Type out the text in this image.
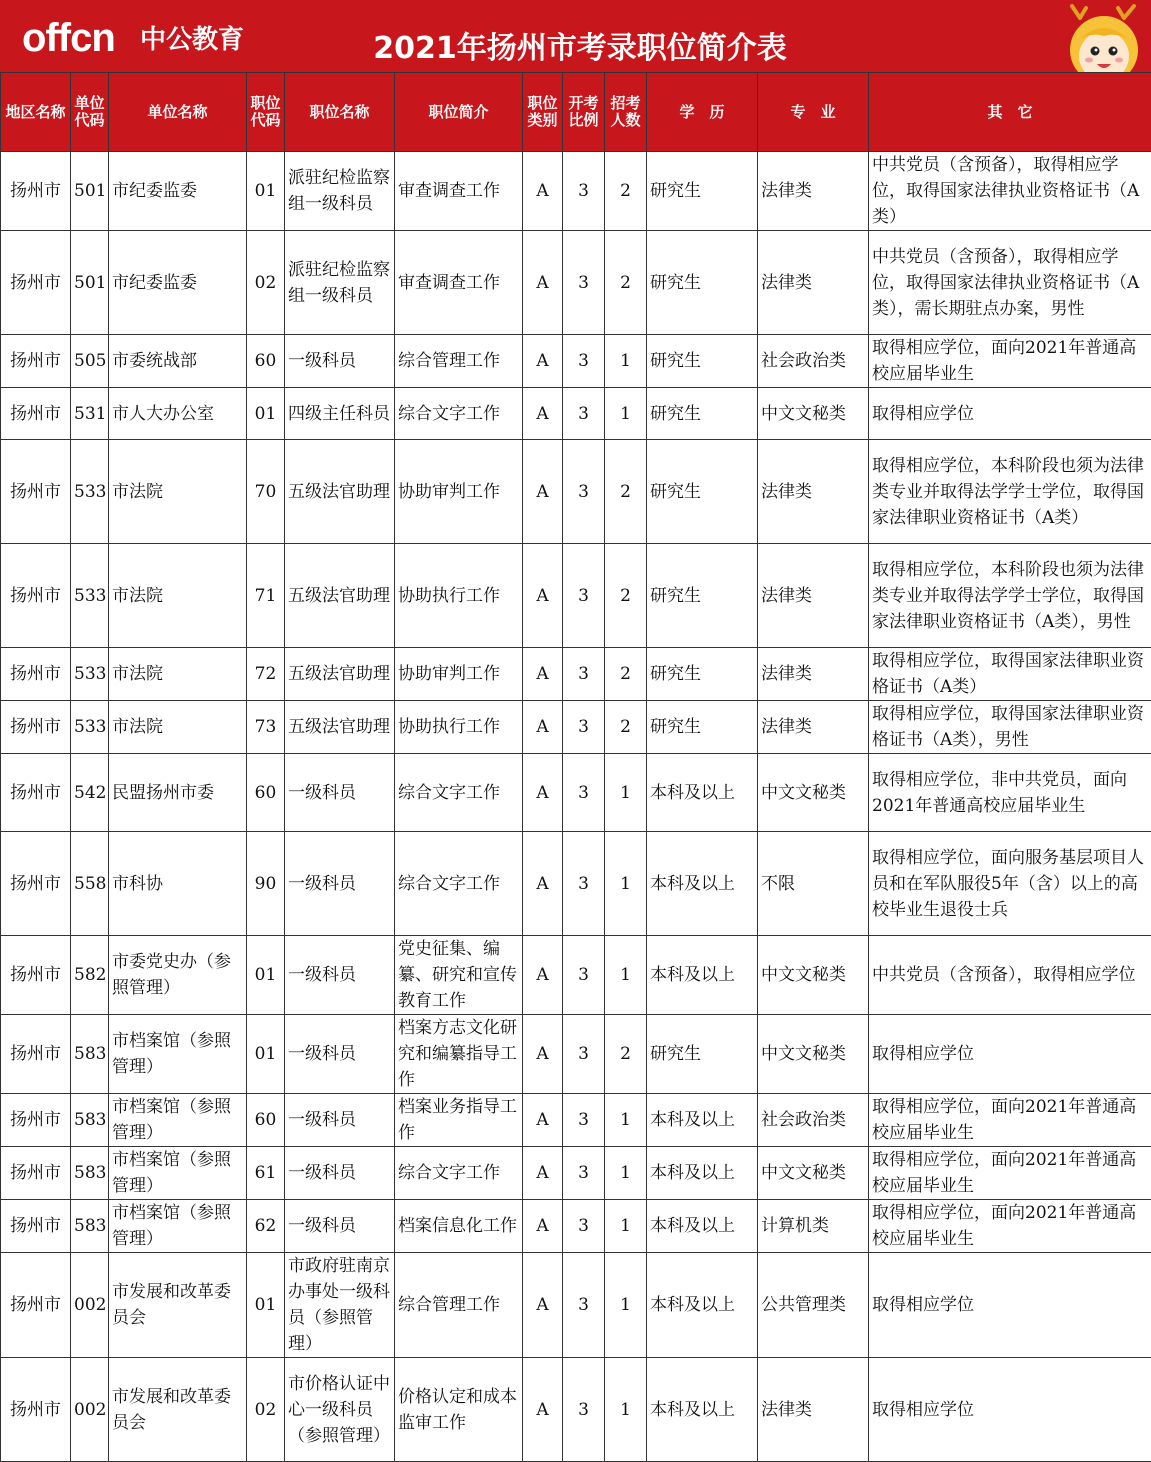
offcn 中公教育	2021年扬州市考录职位简介表
地区名称	单位代码	单位名称	职位代码	职位名称	职位简介	职位类别	开考比例	招考人数	学　历	专　业	其　它
扬州市	501	市纪委监委	01	派驻纪检监察组一级科员	审查调查工作	A	3	2	研究生	法律类	中共党员（含预备），取得相应学位，取得国家法律执业资格证书（A类）
扬州市	501	市纪委监委	02	派驻纪检监察组一级科员	审查调查工作	A	3	2	研究生	法律类	中共党员（含预备），取得相应学位，取得国家法律执业资格证书（A类），需长期驻点办案，男性
扬州市	505	市委统战部	60	一级科员	综合管理工作	A	3	1	研究生	社会政治类	取得相应学位，面向2021年普通高校应届毕业生
扬州市	531	市人大办公室	01	四级主任科员	综合文字工作	A	3	1	研究生	中文文秘类	取得相应学位
扬州市	533	市法院	70	五级法官助理	协助审判工作	A	3	2	研究生	法律类	取得相应学位，本科阶段也须为法律类专业并取得法学学士学位，取得国家法律职业资格证书（A类）
扬州市	533	市法院	71	五级法官助理	协助执行工作	A	3	2	研究生	法律类	取得相应学位，本科阶段也须为法律类专业并取得法学学士学位，取得国家法律职业资格证书（A类），男性
扬州市	533	市法院	72	五级法官助理	协助审判工作	A	3	2	研究生	法律类	取得相应学位，取得国家法律职业资格证书（A类）
扬州市	533	市法院	73	五级法官助理	协助执行工作	A	3	2	研究生	法律类	取得相应学位，取得国家法律职业资格证书（A类），男性
扬州市	542	民盟扬州市委	60	一级科员	综合文字工作	A	3	1	本科及以上	中文文秘类	取得相应学位，非中共党员，面向2021年普通高校应届毕业生
扬州市	558	市科协	90	一级科员	综合文字工作	A	3	1	本科及以上	不限	取得相应学位，面向服务基层项目人员和在军队服役5年（含）以上的高校毕业生退役士兵
扬州市	582	市委党史办（参照管理）	01	一级科员	党史征集、编纂、研究和宣传教育工作	A	3	1	本科及以上	中文文秘类	中共党员（含预备），取得相应学位
扬州市	583	市档案馆（参照管理）	01	一级科员	档案方志文化研究和编纂指导工作	A	3	2	研究生	中文文秘类	取得相应学位
扬州市	583	市档案馆（参照管理）	60	一级科员	档案业务指导工作	A	3	1	本科及以上	社会政治类	取得相应学位，面向2021年普通高校应届毕业生
扬州市	583	市档案馆（参照管理）	61	一级科员	综合文字工作	A	3	1	本科及以上	中文文秘类	取得相应学位，面向2021年普通高校应届毕业生
扬州市	583	市档案馆（参照管理）	62	一级科员	档案信息化工作	A	3	1	本科及以上	计算机类	取得相应学位，面向2021年普通高校应届毕业生
扬州市	002	市发展和改革委员会	01	市政府驻南京办事处一级科员（参照管理）	综合管理工作	A	3	1	本科及以上	公共管理类	取得相应学位
扬州市	002	市发展和改革委员会	02	市价格认证中心一级科员（参照管理）	价格认定和成本监审工作	A	3	1	本科及以上	法律类	取得相应学位
